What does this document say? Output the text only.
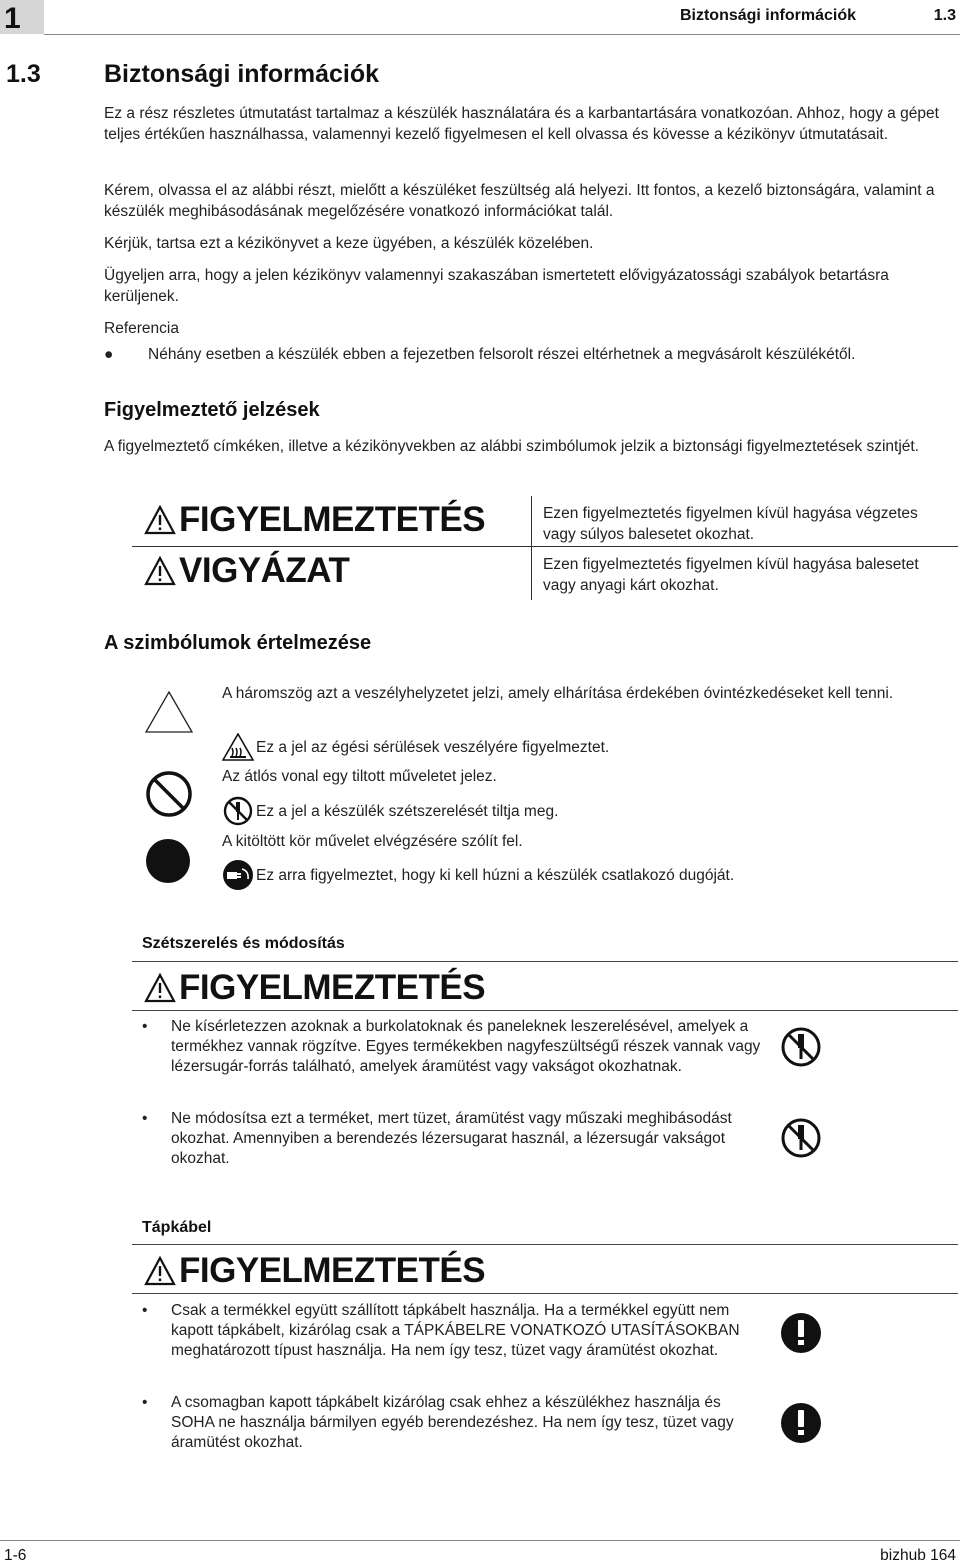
1	Biztonsági információk	1.3
1.3	Biztonsági információk
Ez a rész részletes útmutatást tartalmaz a készülék használatára és a karbantartására vonatkozóan. Ahhoz, hogy a gépet teljes értékűen használhassa, valamennyi kezelő figyelmesen el kell olvassa és kövesse a kézikönyv útmutatásait.
Kérem, olvassa el az alábbi részt, mielőtt a készüléket feszültség alá helyezi. Itt fontos, a kezelő biztonságára, valamint a készülék meghibásodásának megelőzésére vonatkozó információkat talál.
Kérjük, tartsa ezt a kézikönyvet a keze ügyében, a készülék közelében.
Ügyeljen arra, hogy a jelen kézikönyv valamennyi szakaszában ismertetett elővigyázatossági szabályok betartásra kerüljenek.
Referencia
● Néhány esetben a készülék ebben a fejezetben felsorolt részei eltérhetnek a megvásárolt készülékétől.
Figyelmeztető jelzések
A figyelmeztető címkéken, illetve a kézikönyvekben az alábbi szimbólumok jelzik a biztonsági figyelmeztetések szintjét.
FIGYELMEZTETÉS	Ezen figyelmeztetés figyelmen kívül hagyása végzetes vagy súlyos balesetet okozhat.
VIGYÁZAT	Ezen figyelmeztetés figyelmen kívül hagyása balesetet vagy anyagi kárt okozhat.
A szimbólumok értelmezése
A háromszög azt a veszélyhelyzetet jelzi, amely elhárítása érdekében óvintézkedéseket kell tenni.
Ez a jel az égési sérülések veszélyére figyelmeztet.
Az átlós vonal egy tiltott műveletet jelez.
Ez a jel a készülék szétszerelését tiltja meg.
A kitöltött kör művelet elvégzésére szólít fel.
Ez arra figyelmeztet, hogy ki kell húzni a készülék csatlakozó dugóját.
Szétszerelés és módosítás
FIGYELMEZTETÉS
• Ne kísérletezzen azoknak a burkolatoknak és paneleknek leszerelésével, amelyek a termékhez vannak rögzítve. Egyes termékekben nagyfeszültségű részek vannak vagy lézersugár-forrás található, amelyek áramütést vagy vakságot okozhatnak.
• Ne módosítsa ezt a terméket, mert tüzet, áramütést vagy műszaki meghibásodást okozhat. Amennyiben a berendezés lézersugarat használ, a lézersugár vakságot okozhat.
Tápkábel
FIGYELMEZTETÉS
• Csak a termékkel együtt szállított tápkábelt használja. Ha a termékkel együtt nem kapott tápkábelt, kizárólag csak a TÁPKÁBELRE VONATKOZÓ UTASÍTÁSOKBAN meghatározott típust használja. Ha nem így tesz, tüzet vagy áramütést okozhat.
• A csomagban kapott tápkábelt kizárólag csak ehhez a készülékhez használja és SOHA ne használja bármilyen egyéb berendezéshez. Ha nem így tesz, tüzet vagy áramütést okozhat.
1-6	bizhub 164
